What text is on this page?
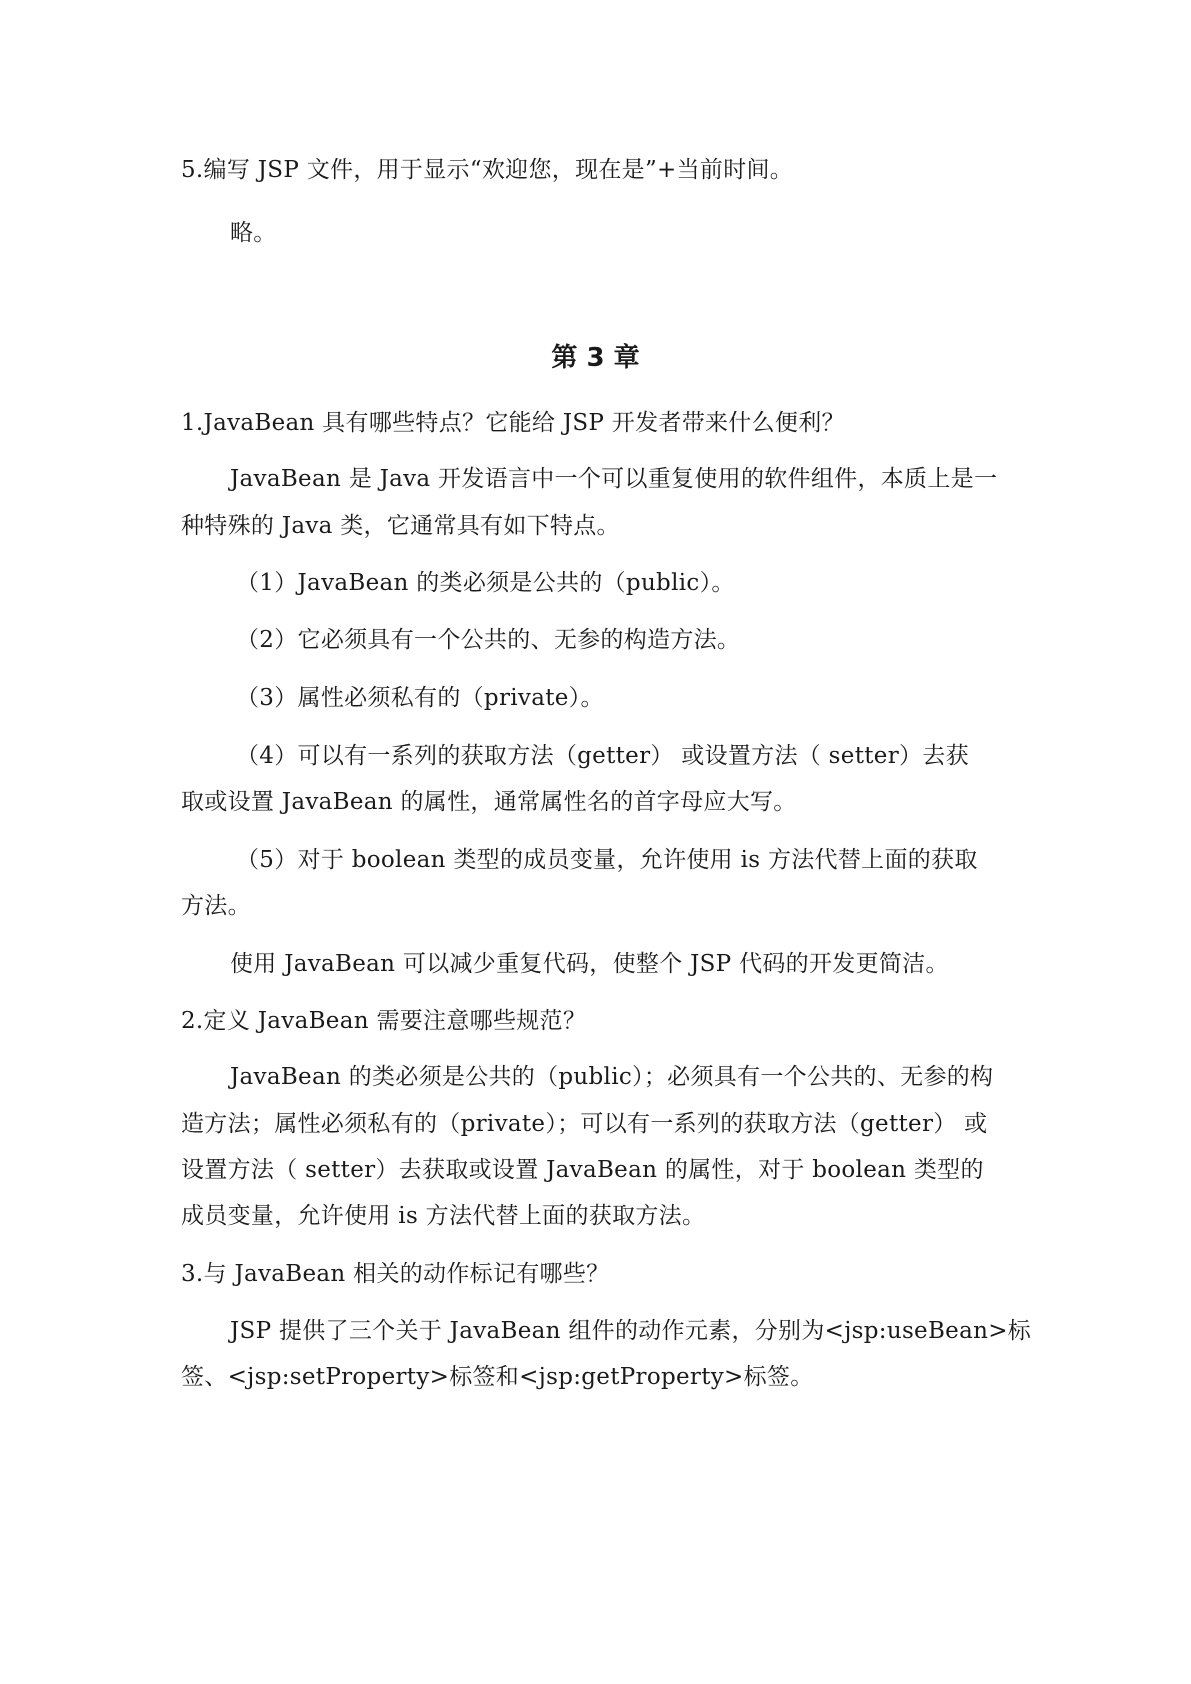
5.编写 JSP 文件，用于显示“欢迎您，现在是”+当前时间。
略。
第 3 章
1.JavaBean 具有哪些特点？它能给 JSP 开发者带来什么便利？
JavaBean 是 Java 开发语言中一个可以重复使用的软件组件，本质上是一
种特殊的 Java 类，它通常具有如下特点。
（1）JavaBean 的类必须是公共的（public）。
（2）它必须具有一个公共的、无参的构造方法。
（3）属性必须私有的（private）。
（4）可以有一系列的获取方法（getter） 或设置方法（ setter）去获
取或设置 JavaBean 的属性，通常属性名的首字母应大写。
（5）对于 boolean 类型的成员变量，允许使用 is 方法代替上面的获取
方法。
使用 JavaBean 可以减少重复代码，使整个 JSP 代码的开发更简洁。
2.定义 JavaBean 需要注意哪些规范？
JavaBean 的类必须是公共的（public）；必须具有一个公共的、无参的构
造方法；属性必须私有的（private）；可以有一系列的获取方法（getter） 或
设置方法（ setter）去获取或设置 JavaBean 的属性，对于 boolean 类型的
成员变量，允许使用 is 方法代替上面的获取方法。
3.与 JavaBean 相关的动作标记有哪些？
JSP 提供了三个关于 JavaBean 组件的动作元素，分别为<jsp:useBean>标
签、<jsp:setProperty>标签和<jsp:getProperty>标签。
